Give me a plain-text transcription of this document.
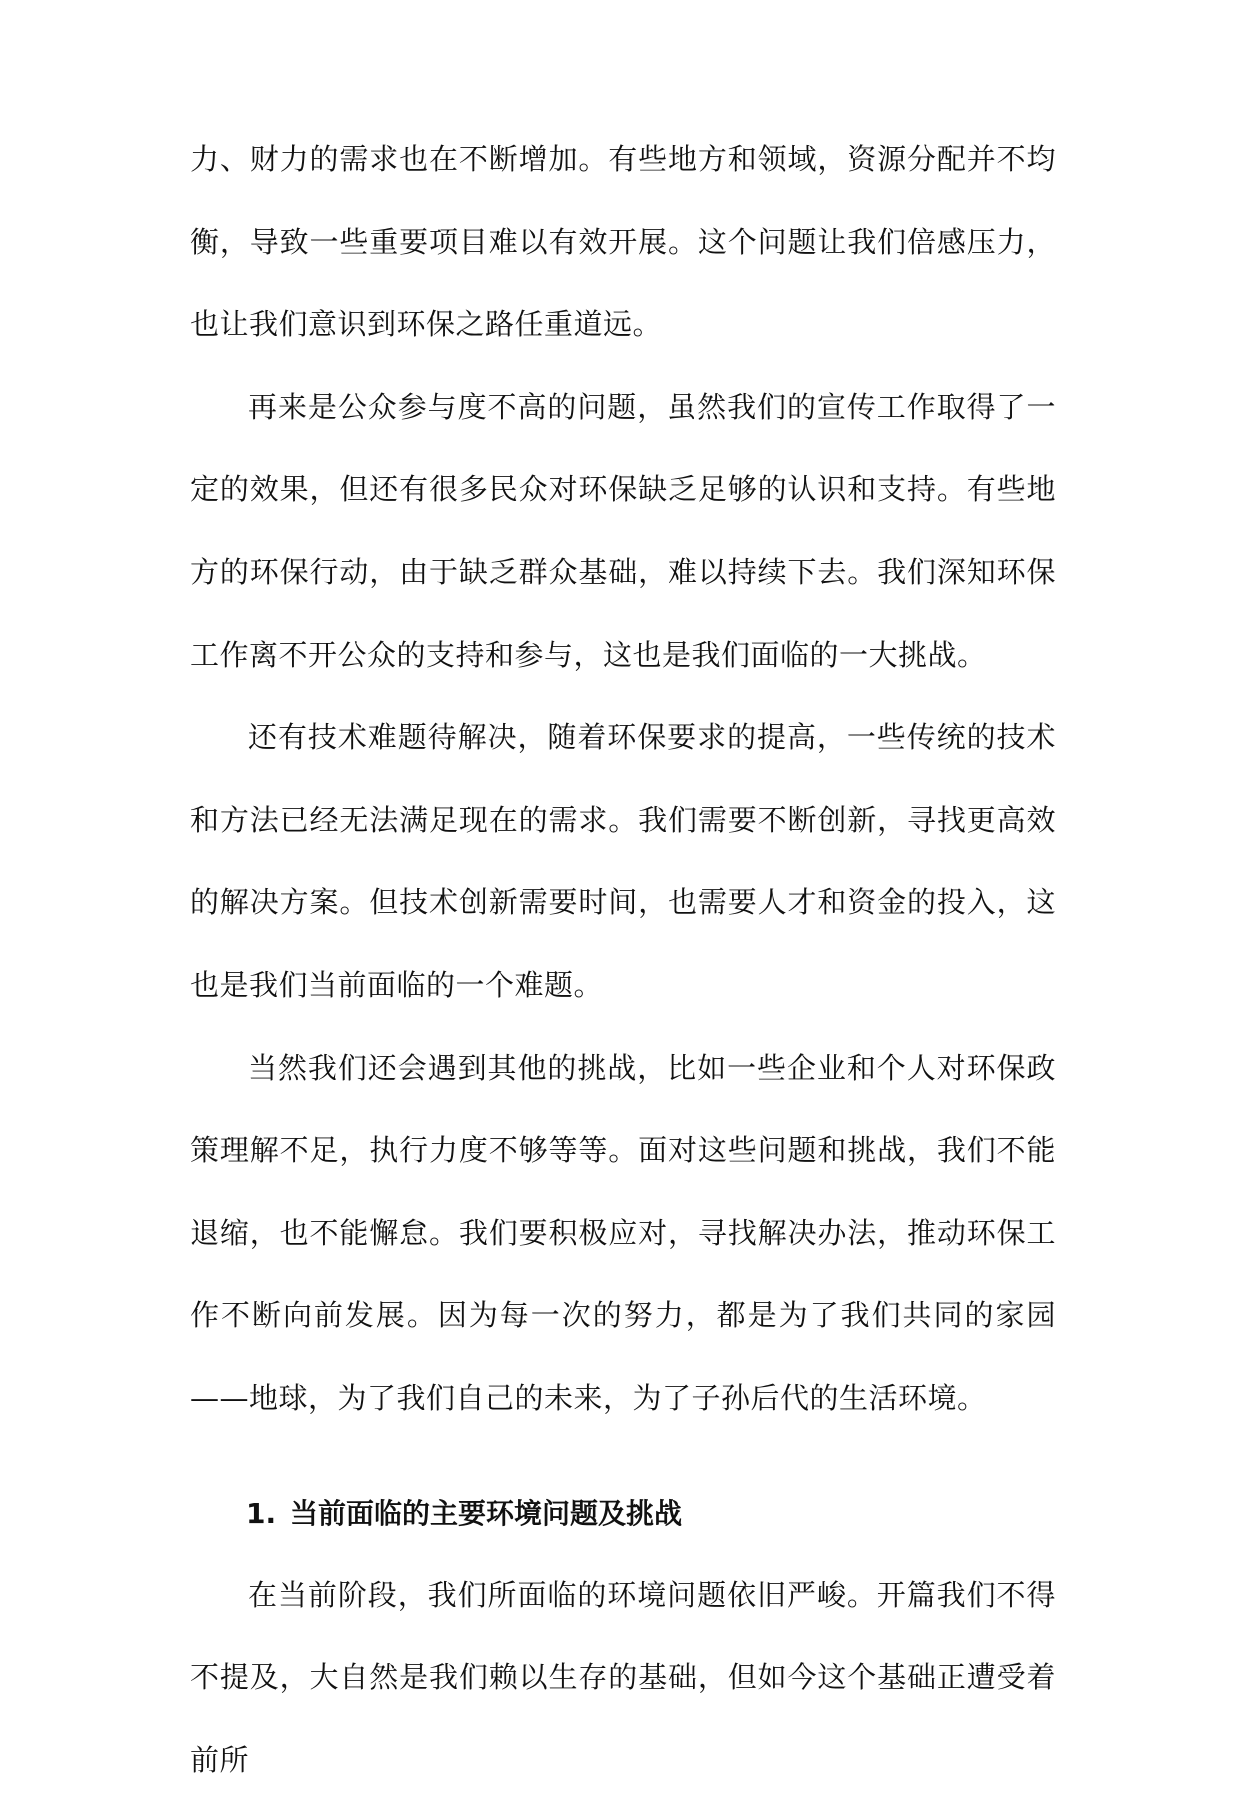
力、财力的需求也在不断增加。有些地方和领域，资源分配并不均衡，导致一些重要项目难以有效开展。这个问题让我们倍感压力，也让我们意识到环保之路任重道远。

再来是公众参与度不高的问题，虽然我们的宣传工作取得了一定的效果，但还有很多民众对环保缺乏足够的认识和支持。有些地方的环保行动，由于缺乏群众基础，难以持续下去。我们深知环保工作离不开公众的支持和参与，这也是我们面临的一大挑战。

还有技术难题待解决，随着环保要求的提高，一些传统的技术和方法已经无法满足现在的需求。我们需要不断创新，寻找更高效的解决方案。但技术创新需要时间，也需要人才和资金的投入，这也是我们当前面临的一个难题。

当然我们还会遇到其他的挑战，比如一些企业和个人对环保政策理解不足，执行力度不够等等。面对这些问题和挑战，我们不能退缩，也不能懈怠。我们要积极应对，寻找解决办法，推动环保工作不断向前发展。因为每一次的努力，都是为了我们共同的家园——地球，为了我们自己的未来，为了子孙后代的生活环境。

1. 当前面临的主要环境问题及挑战

在当前阶段，我们所面临的环境问题依旧严峻。开篇我们不得不提及，大自然是我们赖以生存的基础，但如今这个基础正遭受着前所
